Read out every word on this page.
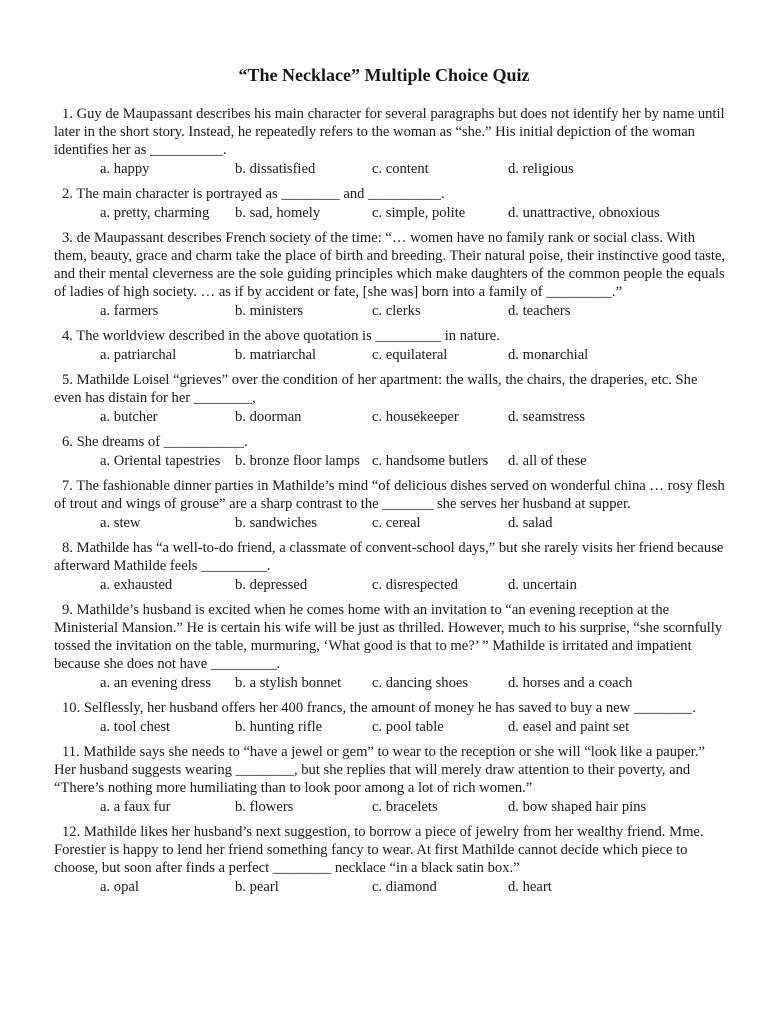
“The Necklace” Multiple Choice Quiz
1. Guy de Maupassant describes his main character for several paragraphs but does not identify her by name until later in the short story. Instead, he repeatedly refers to the woman as “she.” His initial depiction of the woman identifies her as __________.
a. happy	b. dissatisfied	c. content	d. religious
2. The main character is portrayed as ________ and __________.
a. pretty, charming	b. sad, homely	c. simple, polite	d. unattractive, obnoxious
3. de Maupassant describes French society of the time: “… women have no family rank or social class. With them, beauty, grace and charm take the place of birth and breeding. Their natural poise, their instinctive good taste, and their mental cleverness are the sole guiding principles which make daughters of the common people the equals of ladies of high society. … as if by accident or fate, [she was] born into a family of _________.”
a. farmers	b. ministers	c. clerks	d. teachers
4. The worldview described in the above quotation is _________ in nature.
a. patriarchal	b. matriarchal	c. equilateral	d. monarchial
5. Mathilde Loisel “grieves” over the condition of her apartment: the walls, the chairs, the draperies, etc. She even has distain for her ________,
a. butcher	b. doorman	c. housekeeper	d. seamstress
6. She dreams of ___________.
a. Oriental tapestries	b. bronze floor lamps c. handsome butlers	d. all of these
7. The fashionable dinner parties in Mathilde’s mind “of delicious dishes served on wonderful china … rosy flesh of trout and wings of grouse” are a sharp contrast to the _______ she serves her husband at supper.
a. stew	b. sandwiches	c. cereal	d. salad
8. Mathilde has “a well-to-do friend, a classmate of convent-school days,” but she rarely visits her friend because afterward Mathilde feels _________.
a. exhausted	b. depressed	c. disrespected	d. uncertain
9. Mathilde’s husband is excited when he comes home with an invitation to “an evening reception at the Ministerial Mansion.” He is certain his wife will be just as thrilled. However, much to his surprise, “she scornfully tossed the invitation on the table, murmuring, ‘What good is that to me?’ ” Mathilde is irritated and impatient because she does not have _________.
a. an evening dress	b. a stylish bonnet	c. dancing shoes	d. horses and a coach
10. Selflessly, her husband offers her 400 francs, the amount of money he has saved to buy a new ________.
a. tool chest	b. hunting rifle	c. pool table	d. easel and paint set
11. Mathilde says she needs to “have a jewel or gem” to wear to the reception or she will “look like a pauper.” Her husband suggests wearing ________, but she replies that will merely draw attention to their poverty, and “There’s nothing more humiliating than to look poor among a lot of rich women.”
a. a faux fur	b. flowers	c. bracelets	d. bow shaped hair pins
12. Mathilde likes her husband’s next suggestion, to borrow a piece of jewelry from her wealthy friend. Mme. Forestier is happy to lend her friend something fancy to wear. At first Mathilde cannot decide which piece to choose, but soon after finds a perfect ________ necklace “in a black satin box.”
a. opal	b. pearl	c. diamond	d. heart
